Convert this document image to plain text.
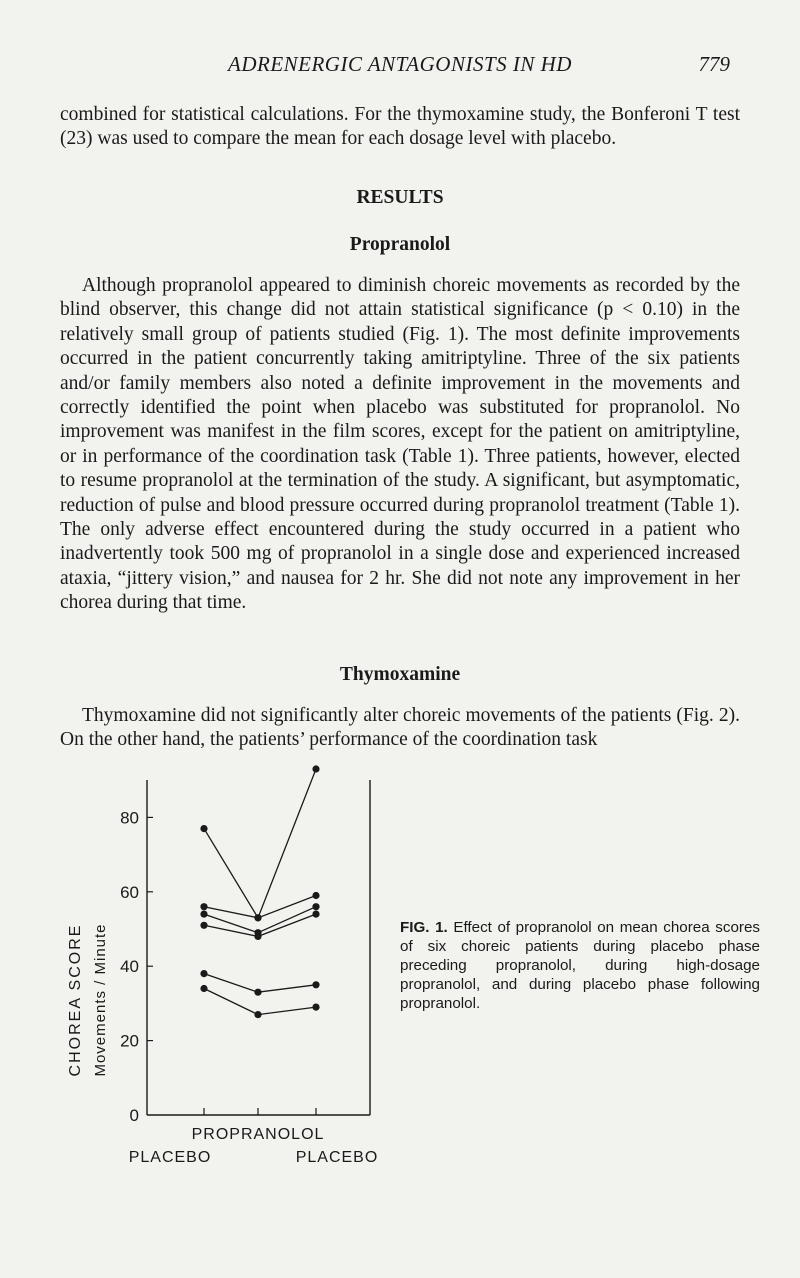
ADRENERGIC ANTAGONISTS IN HD	779

combined for statistical calculations. For the thymoxamine study, the Bonferoni T test (23) was used to compare the mean for each dosage level with placebo.

RESULTS
Propranolol

Although propranolol appeared to diminish choreic movements as recorded by the blind observer, this change did not attain statistical significance (p < 0.10) in the relatively small group of patients studied (Fig. 1). The most definite improvements occurred in the patient concurrently taking amitriptyline. Three of the six patients and/or family members also noted a definite improvement in the movements and correctly identified the point when placebo was substituted for propranolol. No improvement was manifest in the film scores, except for the patient on amitriptyline, or in performance of the coordination task (Table 1). Three patients, however, elected to resume propranolol at the termination of the study. A significant, but asymptomatic, reduction of pulse and blood pressure occurred during propranolol treatment (Table 1). The only adverse effect encountered during the study occurred in a patient who inadvertently took 500 mg of propranolol in a single dose and experienced increased ataxia, “jittery vision,” and nausea for 2 hr. She did not note any improvement in her chorea during that time.

Thymoxamine

Thymoxamine did not significantly alter choreic movements of the patients (Fig. 2). On the other hand, the patients’ performance of the coordination task

0
20
40
60
80
CHOREA SCORE Movements / Minute
PROPRANOLOL
PLACEBO	PLACEBO
FIG. 1. Effect of propranolol on mean chorea scores of six choreic patients during placebo phase preceding propranolol, during high-dosage propranolol, and during placebo phase following propranolol.
